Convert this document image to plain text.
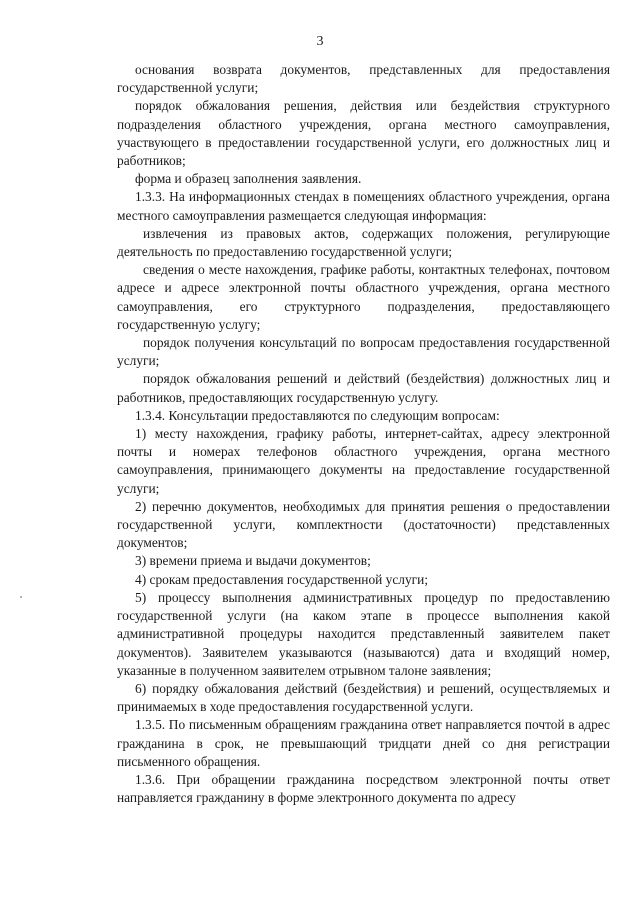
3

основания возврата документов, представленных для предоставления государственной услуги;

порядок обжалования решения, действия или бездействия структурного подразделения областного учреждения, органа местного самоуправления, участвующего в предоставлении государственной услуги, его должностных лиц и работников;

форма и образец заполнения заявления.

1.3.3. На информационных стендах в помещениях областного учреждения, органа местного самоуправления размещается следующая информация:

извлечения из правовых актов, содержащих положения, регулирующие деятельность по предоставлению государственной услуги;

сведения о месте нахождения, графике работы, контактных телефонах, почтовом адресе и адресе электронной почты областного учреждения, органа местного самоуправления, его структурного подразделения, предоставляющего государственную услугу;

порядок получения консультаций по вопросам предоставления государственной услуги;

порядок обжалования решений и действий (бездействия) должностных лиц и работников, предоставляющих государственную услугу.

1.3.4. Консультации предоставляются по следующим вопросам:

1) месту нахождения, графику работы, интернет-сайтах, адресу электронной почты и номерах телефонов областного учреждения, органа местного самоуправления, принимающего документы на предоставление государственной услуги;

2) перечню документов, необходимых для принятия решения о предоставлении государственной услуги, комплектности (достаточности) представленных документов;

3) времени приема и выдачи документов;

4) срокам предоставления государственной услуги;

5) процессу выполнения административных процедур по предоставлению государственной услуги (на каком этапе в процессе выполнения какой административной процедуры находится представленный заявителем пакет документов). Заявителем указываются (называются) дата и входящий номер, указанные в полученном заявителем отрывном талоне заявления;

6) порядку обжалования действий (бездействия) и решений, осуществляемых и принимаемых в ходе предоставления государственной услуги.

1.3.5. По письменным обращениям гражданина ответ направляется почтой в адрес гражданина в срок, не превышающий тридцати дней со дня регистрации письменного обращения.

1.3.6. При обращении гражданина посредством электронной почты ответ направляется гражданину в форме электронного документа по адресу
